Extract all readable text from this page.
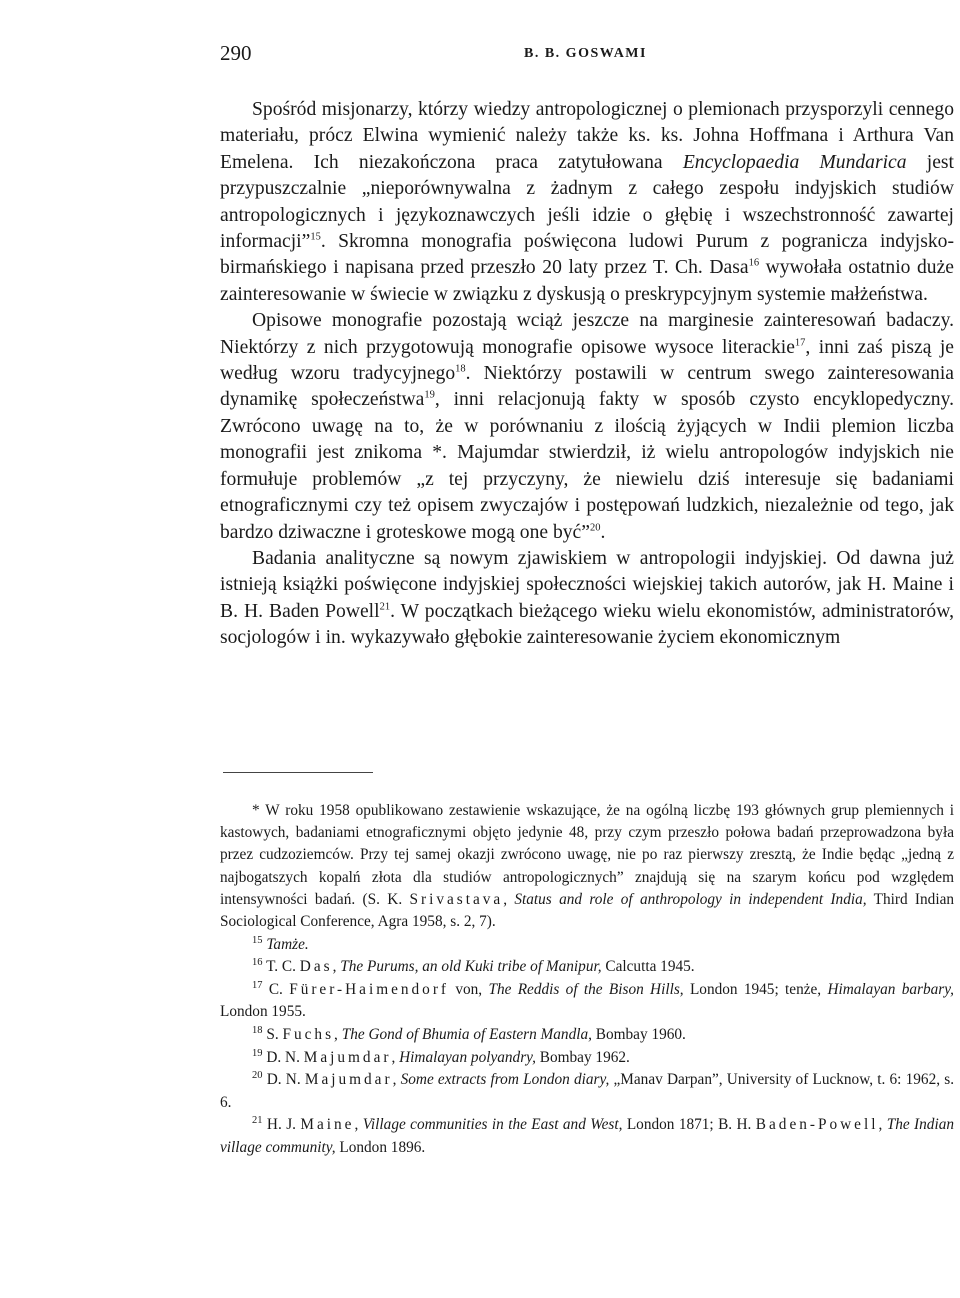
290	B. B. GOSWAMI

Spośród misjonarzy, którzy wiedzy antropologicznej o plemionach przysporzyli cennego materiału, prócz Elwina wymienić należy także ks. ks. Johna Hoffmana i Arthura Van Emelena. Ich niezakończona praca zatytułowana Encyclopaedia Mundarica jest przypuszczalnie „nieporównywalna z żadnym z całego zespołu indyjskich studiów antropologicznych i językoznawczych jeśli idzie o głębię i wszechstronność zawartej informacji”$^{15}$. Skromna monografia poświęcona ludowi Purum z pogranicza indyjsko-birmańskiego i napisana przed przeszło 20 laty przez T. Ch. Dasa$^{16}$ wywołała ostatnio duże zainteresowanie w świecie w związku z dyskusją o preskrypcyjnym systemie małżeństwa.

Opisowe monografie pozostają wciąż jeszcze na marginesie zainteresowań badaczy. Niektórzy z nich przygotowują monografie opisowe wysoce literackie$^{17}$, inni zaś piszą je według wzoru tradycyjnego$^{18}$. Niektórzy postawili w centrum swego zainteresowania dynamikę społeczeństwa$^{19}$, inni relacjonują fakty w sposób czysto encyklopedyczny. Zwrócono uwagę na to, że w porównaniu z ilością żyjących w Indii plemion liczba monografii jest znikoma *. Majumdar stwierdził, iż wielu antropologów indyjskich nie formułuje problemów „z tej przyczyny, że niewielu dziś interesuje się badaniami etnograficznymi czy też opisem zwyczajów i postępowań ludzkich, niezależnie od tego, jak bardzo dziwaczne i groteskowe mogą one być”$^{20}$.

Badania analityczne są nowym zjawiskiem w antropologii indyjskiej. Od dawna już istnieją książki poświęcone indyjskiej społeczności wiejskiej takich autorów, jak H. Maine i B. H. Baden Powell$^{21}$. W początkach bieżącego wieku wielu ekonomistów, administratorów, socjologów i in. wykazywało głębokie zainteresowanie życiem ekonomicznym

* W roku 1958 opublikowano zestawienie wskazujące, że na ogólną liczbę 193 głównych grup plemiennych i kastowych, badaniami etnograficznymi objęto jedynie 48, przy czym przeszło połowa badań przeprowadzona była przez cudzoziemców. Przy tej samej okazji zwrócono uwagę, nie po raz pierwszy zresztą, że Indie będąc „jedną z najbogatszych kopalń złota dla studiów antropologicznych” znajdują się na szarym końcu pod względem intensywności badań. (S. K. Srivastava, Status and role of anthropology in independent India, Third Indian Sociological Conference, Agra 1958, s. 2, 7).

$^{15}$ Tamże.

$^{16}$ T. C. Das, The Purums, an old Kuki tribe of Manipur, Calcutta 1945.

$^{17}$ C. Fürer-Haimendorf von, The Reddis of the Bison Hills, London 1945; tenże, Himalayan barbary, London 1955.

$^{18}$ S. Fuchs, The Gond of Bhumia of Eastern Mandla, Bombay 1960.

$^{19}$ D. N. Majumdar, Himalayan polyandry, Bombay 1962.

$^{20}$ D. N. Majumdar, Some extracts from London diary, „Manav Darpan”, University of Lucknow, t. 6: 1962, s. 6.

$^{21}$ H. J. Maine, Village communities in the East and West, London 1871; B. H. Baden-Powell, The Indian village community, London 1896.
